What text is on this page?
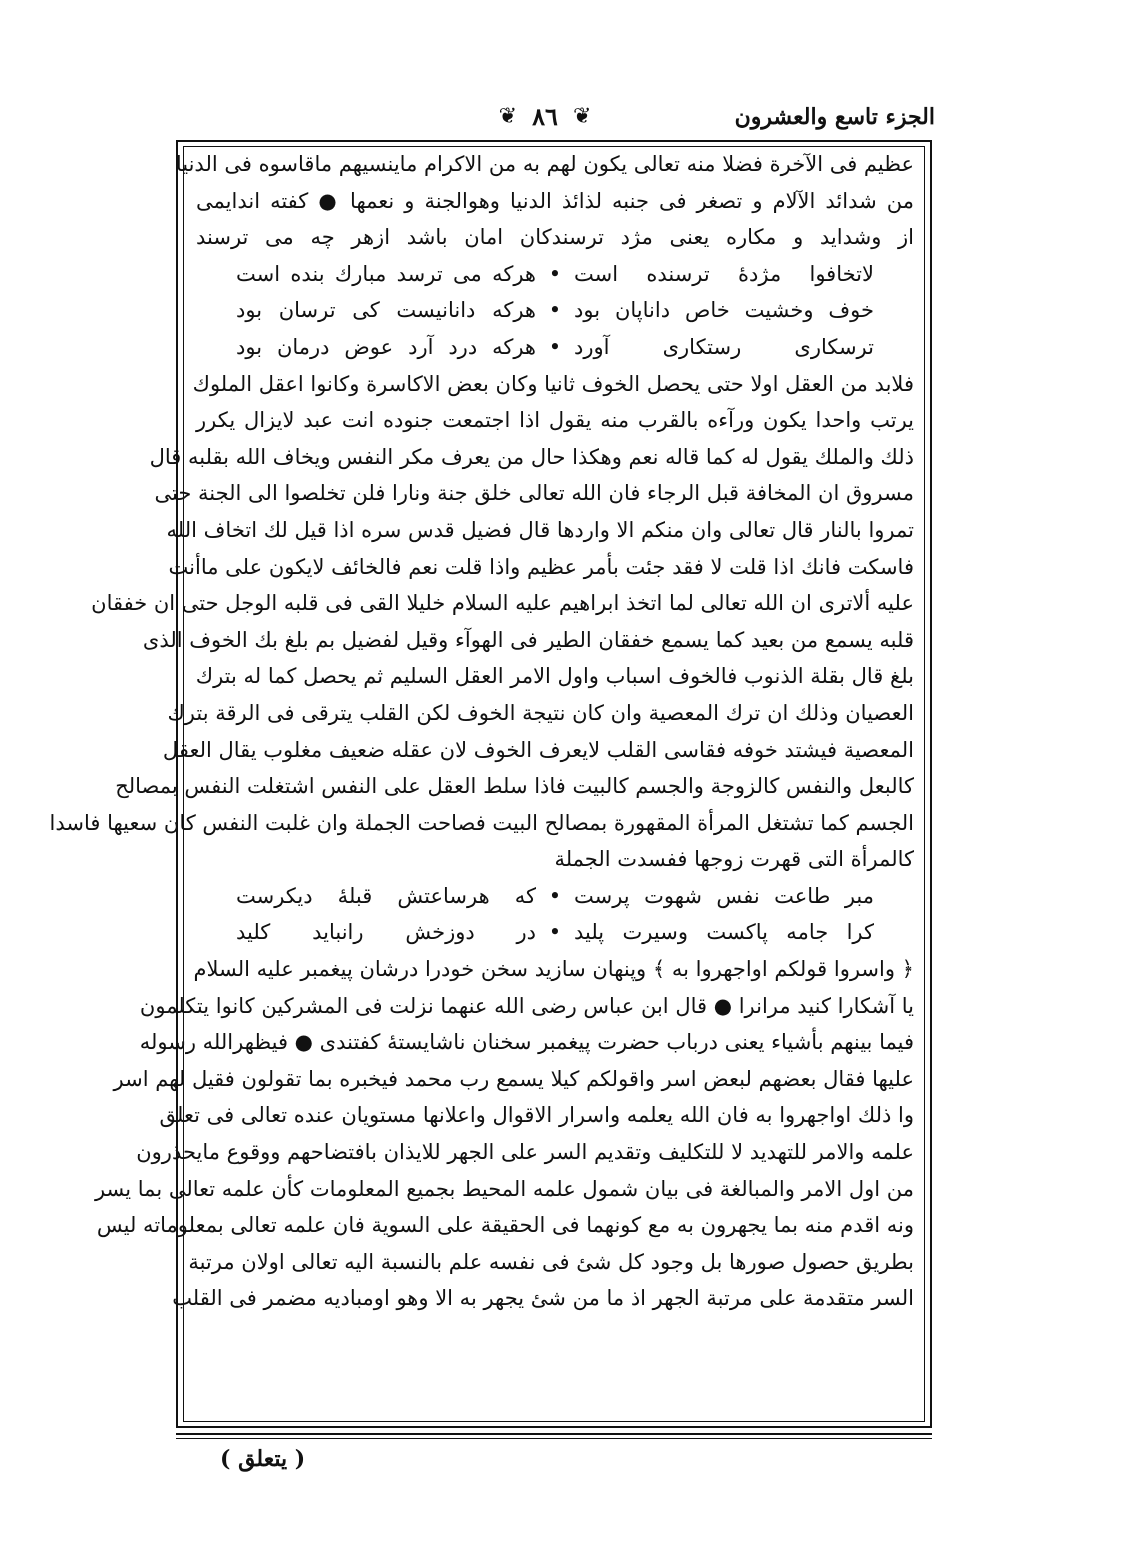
الجزء تاسع والعشرون
❦ ٨٦ ❦
عظيم فى الآخرة فضلا منه تعالى يكون لهم به من الاكرام ماينسيهم ماقاسوه فى الدنيا
من شدائد الآلام و تصغر فى جنبه لذائذ الدنيا وهوالجنة و نعمها ● كفته اندايمى
از وشدايد و مكاره يعنى مژد ترسندكان امان باشد ازهر چه مى ترسند
لاتخافوا مژدهٔ ترسنده است
•
هركه مى ترسد مبارك بنده است
خوف وخشيت خاص داناپان بود
•
هركه دانانيست كى ترسان بود
ترسكارى رستكارى آورد
•
هركه درد آرد عوض درمان بود
فلابد من العقل اولا حتى يحصل الخوف ثانيا وكان بعض الاكاسرة وكانوا اعقل الملوك
يرتب واحدا يكون ورآءه بالقرب منه يقول اذا اجتمعت جنوده انت عبد لايزال يكرر
ذلك والملك يقول له كما قاله نعم وهكذا حال من يعرف مكر النفس ويخاف الله بقلبه قال
مسروق ان المخافة قبل الرجاء فان الله تعالى خلق جنة ونارا فلن تخلصوا الى الجنة حتى
تمروا بالنار قال تعالى وان منكم الا واردها قال فضيل قدس سره اذا قيل لك اتخاف الله
فاسكت فانك اذا قلت لا فقد جئت بأمر عظيم واذا قلت نعم فالخائف لايكون على ماأنت
عليه ألاترى ان الله تعالى لما اتخذ ابراهيم عليه السلام خليلا القى فى قلبه الوجل حتى ان خفقان
قلبه يسمع من بعيد كما يسمع خفقان الطير فى الهوآء وقيل لفضيل بم بلغ بك الخوف الذى
بلغ قال بقلة الذنوب فالخوف اسباب واول الامر العقل السليم ثم يحصل كما له بترك
العصيان وذلك ان ترك المعصية وان كان نتيجة الخوف لكن القلب يترقى فى الرقة بترك
المعصية فيشتد خوفه فقاسى القلب لايعرف الخوف لان عقله ضعيف مغلوب يقال العقل
كالبعل والنفس كالزوجة والجسم كالبيت فاذا سلط العقل على النفس اشتغلت النفس بمصالح
الجسم كما تشتغل المرأة المقهورة بمصالح البيت فصاحت الجملة وان غلبت النفس كان سعيها فاسدا
كالمرأة التى قهرت زوجها ففسدت الجملة
مبر طاعت نفس شهوت پرست
•
كه هرساعتش قبلهٔ ديكرست
كرا جامه پاكست وسيرت پليد
•
در دوزخش رانبايد كليد
﴿ واسروا قولكم اواجهروا به ﴾ وپنهان سازيد سخن خودرا درشان پيغمبر عليه السلام
يا آشكارا كنيد مرانرا ● قال ابن عباس رضى الله عنهما نزلت فى المشركين كانوا يتكلمون
فيما بينهم بأشياء يعنى درباب حضرت پيغمبر سخنان ناشايستهٔ كفتندى ● فيظهرالله رسوله
عليها فقال بعضهم لبعض اسر واقولكم كيلا يسمع رب محمد فيخبره بما تقولون فقيل لهم اسر
وا ذلك اواجهروا به فان الله يعلمه واسرار الاقوال واعلانها مستويان عنده تعالى فى تعلق
علمه والامر للتهديد لا للتكليف وتقديم السر على الجهر للايذان بافتضاحهم ووقوع مايحذرون
من اول الامر والمبالغة فى بيان شمول علمه المحيط بجميع المعلومات كأن علمه تعالى بما يسر
ونه اقدم منه بما يجهرون به مع كونهما فى الحقيقة على السوية فان علمه تعالى بمعلوماته ليس
بطريق حصول صورها بل وجود كل شئ فى نفسه علم بالنسبة اليه تعالى اولان مرتبة
السر متقدمة على مرتبة الجهر اذ ما من شئ يجهر به الا وهو اومباديه مضمر فى القلب
( يتعلق )
